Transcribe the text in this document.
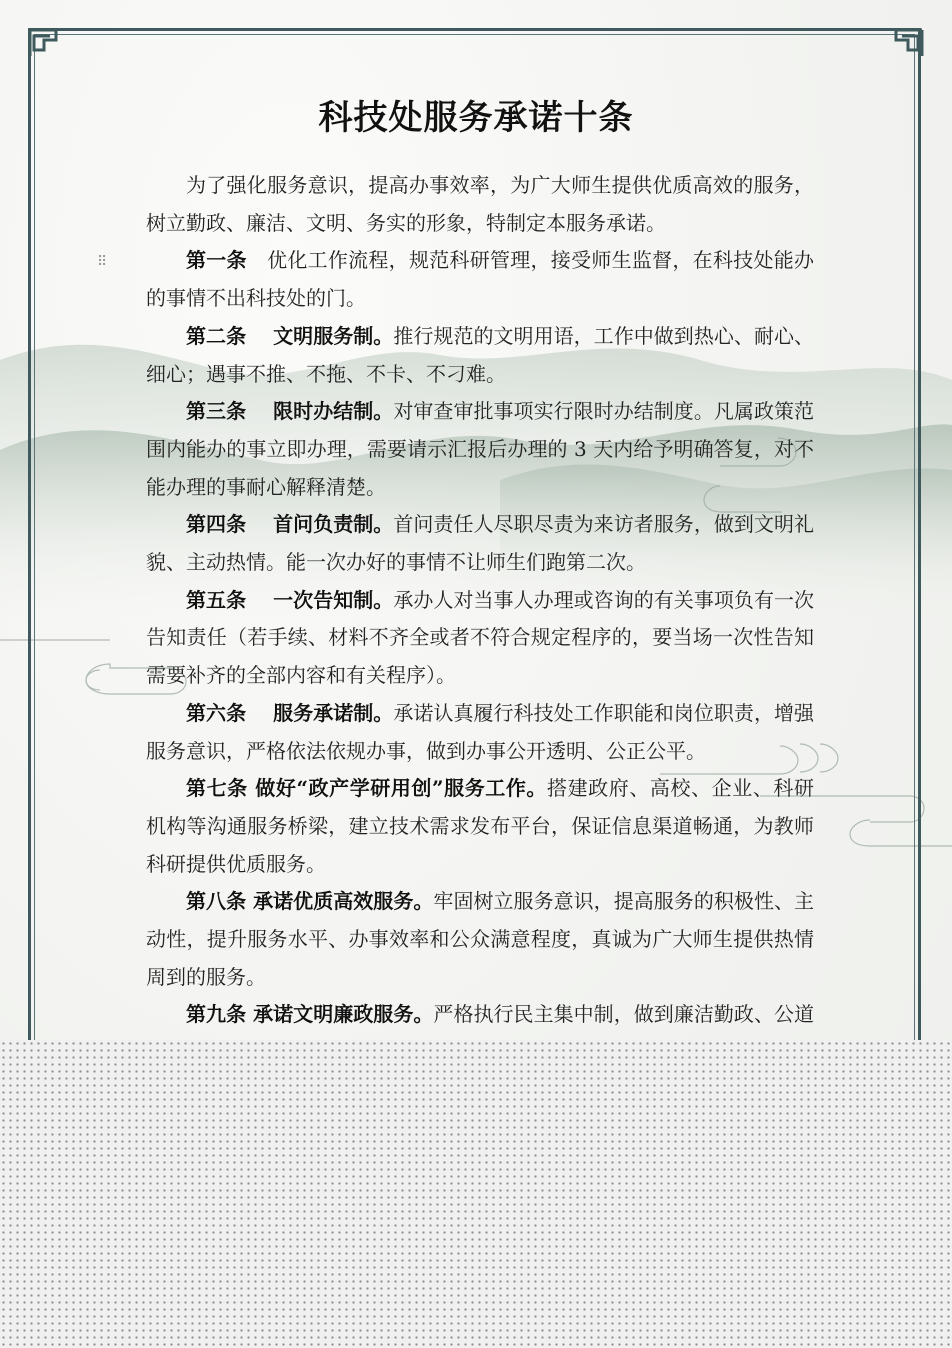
科技处服务承诺十条
⠿

为了强化服务意识，提高办事效率，为广大师生提供优质高效的服务，树立勤政、廉洁、文明、务实的形象，特制定本服务承诺。

第一条　优化工作流程，规范科研管理，接受师生监督，在科技处能办的事情不出科技处的门。

第二条　 文明服务制。推行规范的文明用语，工作中做到热心、耐心、细心；遇事不推、不拖、不卡、不刁难。

第三条　 限时办结制。对审查审批事项实行限时办结制度。凡属政策范围内能办的事立即办理，需要请示汇报后办理的 3 天内给予明确答复，对不能办理的事耐心解释清楚。

第四条　 首问负责制。首问责任人尽职尽责为来访者服务，做到文明礼貌、主动热情。能一次办好的事情不让师生们跑第二次。

第五条　 一次告知制。承办人对当事人办理或咨询的有关事项负有一次告知责任（若手续、材料不齐全或者不符合规定程序的，要当场一次性告知需要补齐的全部内容和有关程序）。

第六条　 服务承诺制。承诺认真履行科技处工作职能和岗位职责，增强服务意识，严格依法依规办事，做到办事公开透明、公正公平。

第七条 做好“政产学研用创”服务工作。搭建政府、高校、企业、科研机构等沟通服务桥梁，建立技术需求发布平台，保证信息渠道畅通，为教师科研提供优质服务。

第八条 承诺优质高效服务。牢固树立服务意识，提高服务的积极性、主动性，提升服务水平、办事效率和公众满意程度，真诚为广大师生提供热情周到的服务。

第九条 承诺文明廉政服务。严格执行民主集中制，做到廉洁勤政、公道
